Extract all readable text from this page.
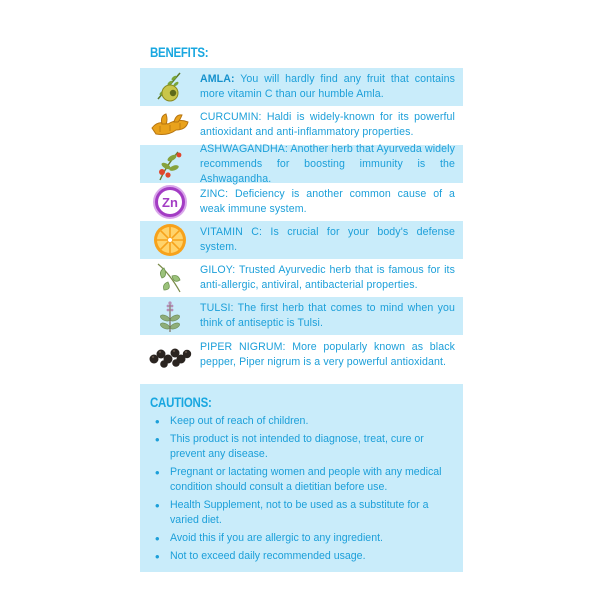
BENEFITS:
AMLA: You will hardly find any fruit that contains more vitamin C than our humble Amla.
CURCUMIN: Haldi is widely-known for its powerful antioxidant and anti-inflammatory properties.
ASHWAGANDHA: Another herb that Ayurveda widely recommends for boosting immunity is the Ashwagandha.
Zn
ZINC: Deficiency is another common cause of a weak immune system.
VITAMIN C: Is crucial for your body's defense system.
GILOY: Trusted Ayurvedic herb that is famous for its anti-allergic, antiviral, antibacterial properties.
TULSI: The first herb that comes to mind when you think of antiseptic is Tulsi.
PIPER NIGRUM: More popularly known as black pepper, Piper nigrum is a very powerful antioxidant.
CAUTIONS:
• Keep out of reach of children.
• This product is not intended to diagnose, treat, cure or prevent any disease.
• Pregnant or lactating women and people with any medical condition should consult a dietitian before use.
• Health Supplement, not to be used as a substitute for a varied diet.
• Avoid this if you are allergic to any ingredient.
• Not to exceed daily recommended usage.
